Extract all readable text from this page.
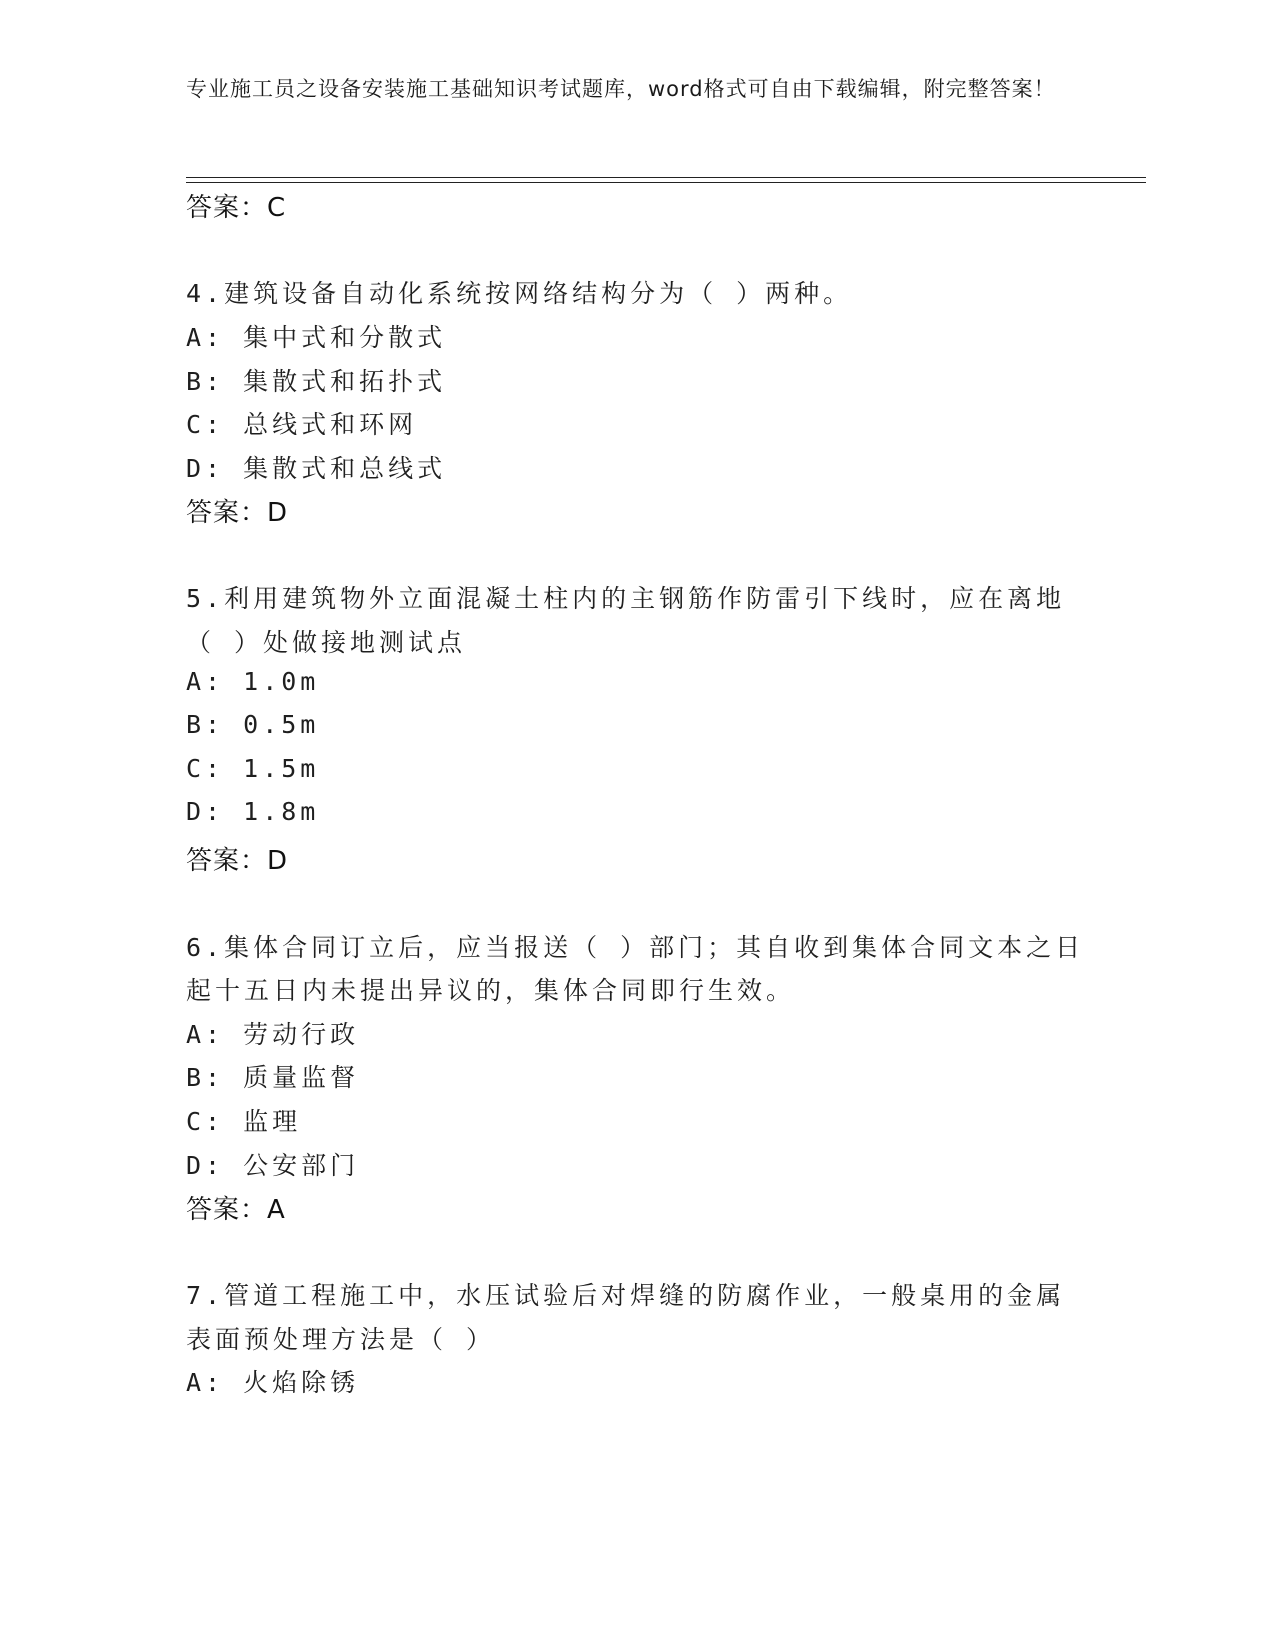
专业施工员之设备安装施工基础知识考试题库，word格式可自由下载编辑，附完整答案！
答案：C
4.建筑设备自动化系统按网络结构分为（ ）两种。
A: 集中式和分散式
B: 集散式和拓扑式
C: 总线式和环网
D: 集散式和总线式
答案：D
5.利用建筑物外立面混凝土柱内的主钢筋作防雷引下线时，应在离地
（ ）处做接地测试点
A: 1.0m
B: 0.5m
C: 1.5m
D: 1.8m
答案：D
6.集体合同订立后，应当报送（ ）部门；其自收到集体合同文本之日
起十五日内未提出异议的，集体合同即行生效。
A: 劳动行政
B: 质量监督
C: 监理
D: 公安部门
答案：A
7.管道工程施工中，水压试验后对焊缝的防腐作业，一般桌用的金属
表面预处理方法是（ ）
A: 火焰除锈
